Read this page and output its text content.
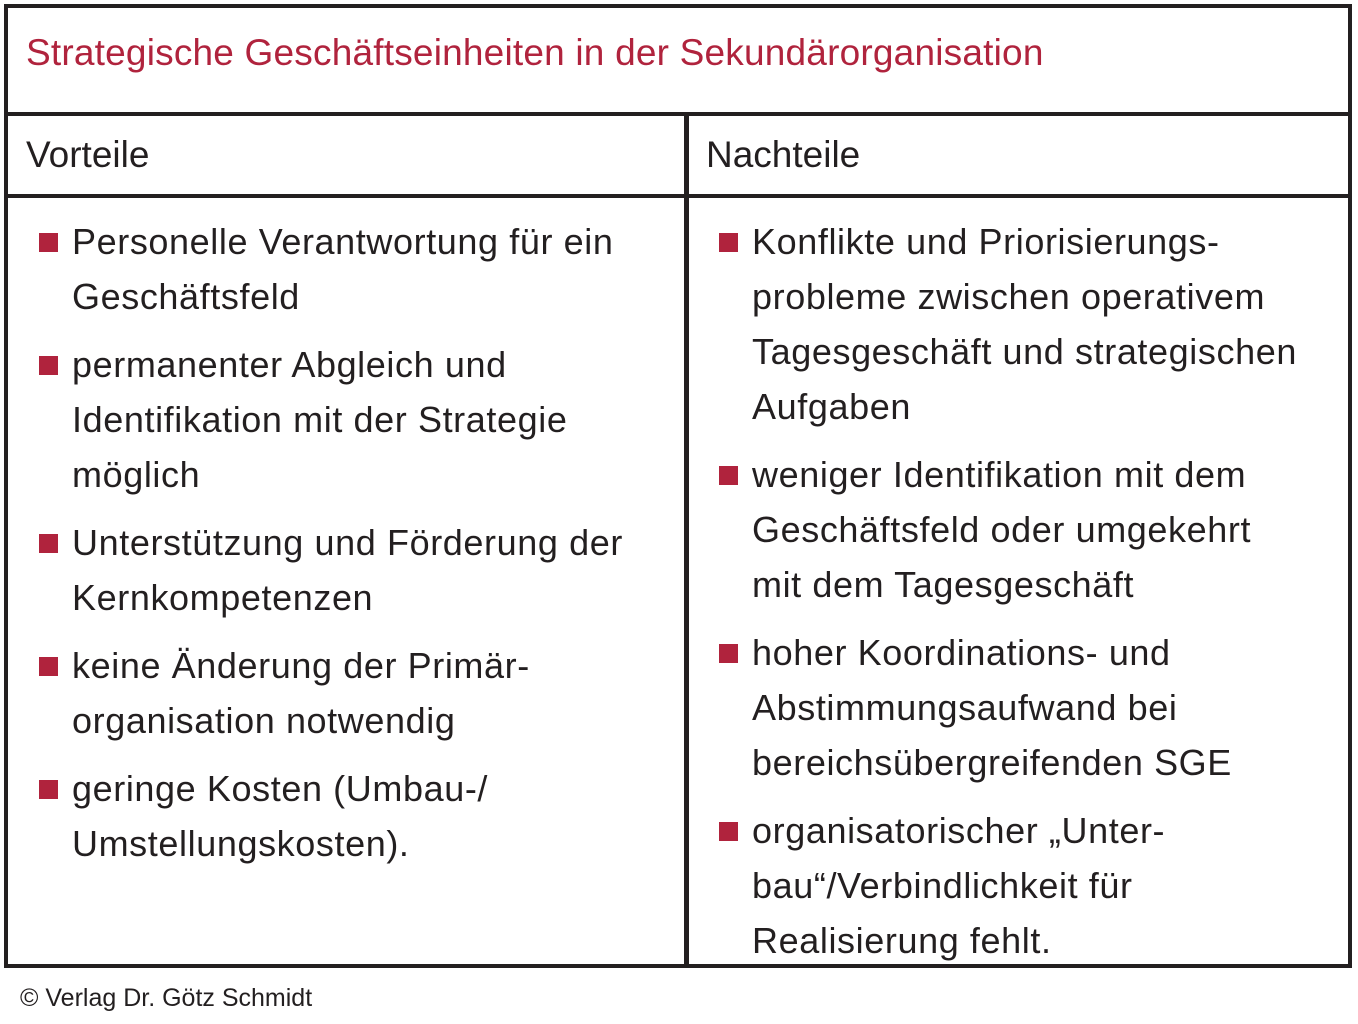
Strategische Geschäftseinheiten in der Sekundärorganisation
Vorteile	Nachteile
Personelle Verantwortung für ein
Geschäftsfeld
permanenter Abgleich und
Identifikation mit der Strategie
möglich
Unterstützung und Förderung der
Kernkompetenzen
keine Änderung der Primär-
organisation notwendig
geringe Kosten (Umbau-/
Umstellungskosten).
Konflikte und Priorisierungs-
probleme zwischen operativem
Tagesgeschäft und strategischen
Aufgaben
weniger Identifikation mit dem
Geschäftsfeld oder umgekehrt
mit dem Tagesgeschäft
hoher Koordinations- und
Abstimmungsaufwand bei
bereichsübergreifenden SGE
organisatorischer „Unter-
bau“/Verbindlichkeit für
Realisierung fehlt.
© Verlag Dr. Götz Schmidt
